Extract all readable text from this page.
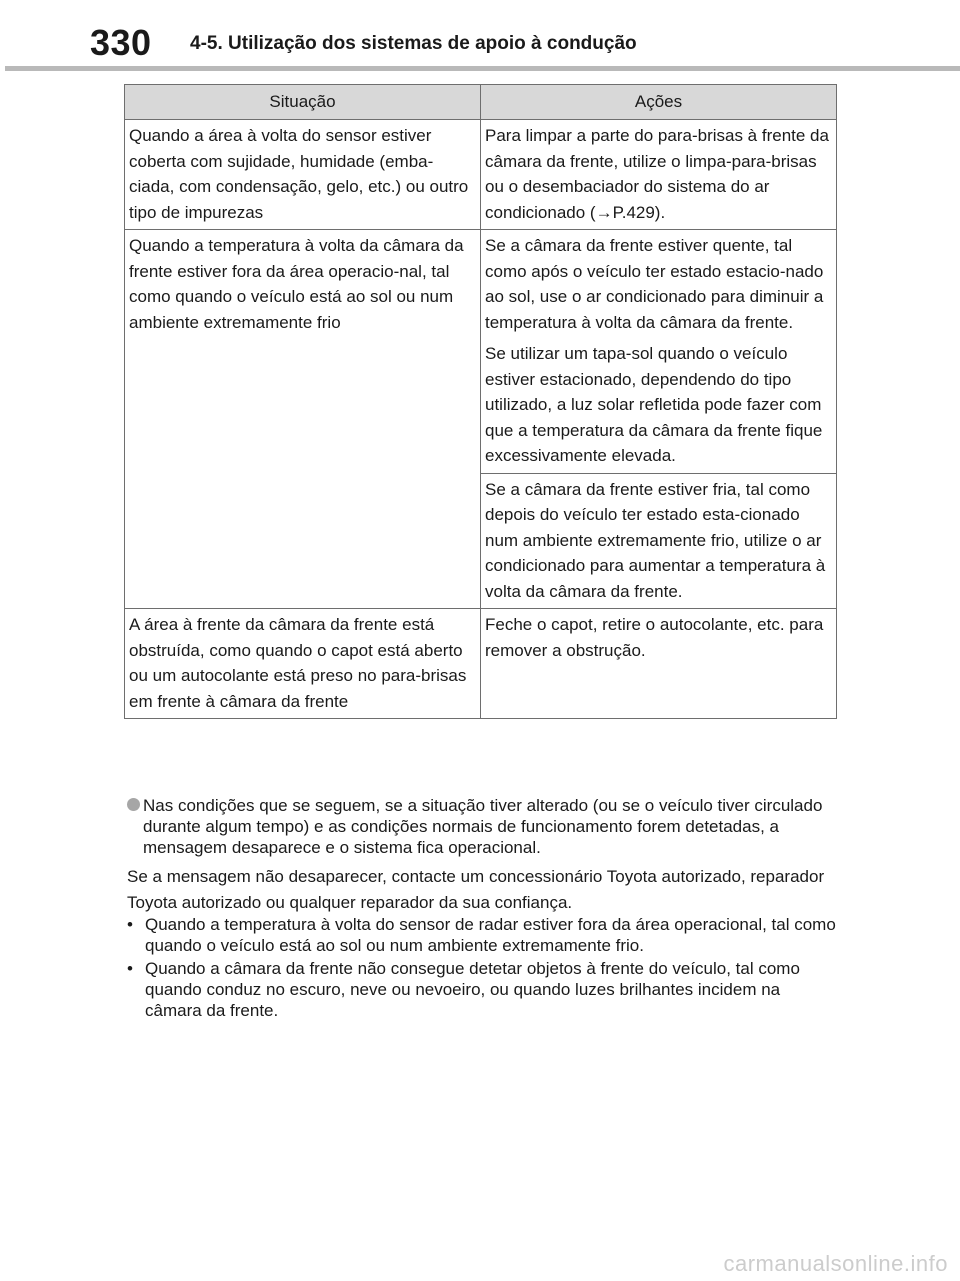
330 4-5. Utilização dos sistemas de apoio à condução
Situação	Ações
Quando a área à volta do sensor estiver coberta com sujidade, humidade (emba-ciada, com condensação, gelo, etc.) ou outro tipo de impurezas	Para limpar a parte do para-brisas à frente da câmara da frente, utilize o limpa-para-brisas ou o desembaciador do sistema do ar condicionado (→P.429).

Quando a temperatura à volta da câmara da frente estiver fora da área operacio-nal, tal como quando o veículo está ao sol ou num ambiente extremamente frio	Se a câmara da frente estiver quente, tal como após o veículo ter estado estacio-nado ao sol, use o ar condicionado para diminuir a temperatura à volta da câmara da frente.
Se utilizar um tapa-sol quando o veículo estiver estacionado, dependendo do tipo utilizado, a luz solar refletida pode fazer com que a temperatura da câmara da frente fique excessivamente elevada.

	Se a câmara da frente estiver fria, tal como depois do veículo ter estado esta-cionado num ambiente extremamente frio, utilize o ar condicionado para aumentar a temperatura à volta da câmara da frente.

A área à frente da câmara da frente está obstruída, como quando o capot está aberto ou um autocolante está preso no para-brisas em frente à câmara da frente	Feche o capot, retire o autocolante, etc. para remover a obstrução.
Nas condições que se seguem, se a situação tiver alterado (ou se o veículo tiver circulado durante algum tempo) e as condições normais de funcionamento forem detetadas, a mensagem desaparece e o sistema fica operacional.
Se a mensagem não desaparecer, contacte um concessionário Toyota autorizado, reparador Toyota autorizado ou qualquer reparador da sua confiança.
• Quando a temperatura à volta do sensor de radar estiver fora da área operacional, tal como quando o veículo está ao sol ou num ambiente extremamente frio.
• Quando a câmara da frente não consegue detetar objetos à frente do veículo, tal como quando conduz no escuro, neve ou nevoeiro, ou quando luzes brilhantes incidem na câmara da frente.
carmanualsonline.info
